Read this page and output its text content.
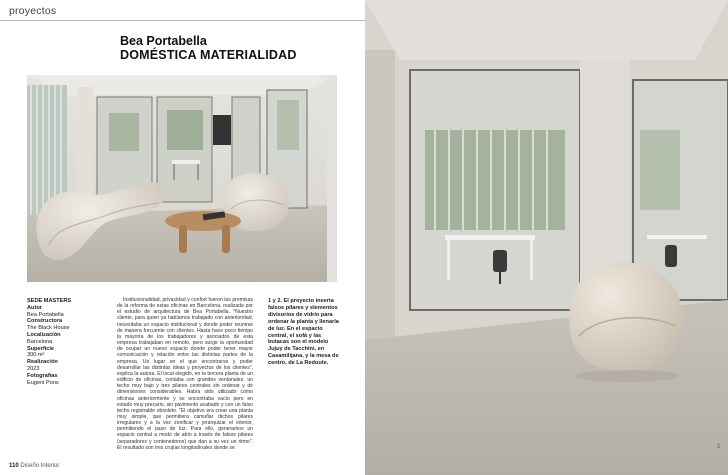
proyectos
Bea Portabella
DOMÉSTICA MATERIALIDAD
SEDE MASTERS
Autor
Bea Portabella
Constructora
The Black House
Localización
Barcelona
Superficie
300 m²
Realización
2023
Fotografías
Eugeni Pons

Institucionalidad, privacidad y confort fueron las premisas de la reforma de estas oficinas en Barcelona, realizada por el estudio de arquitectura de Bea Portabella. "Nuestro cliente, para quien ya habíamos trabajado con anterioridad, necesitaba un espacio institucional y donde poder reunirse de manera frecuente con clientes. Hasta hace poco tiempo la mayoría de los trabajadores y asociados de esta empresa trabajaban en remoto, pero surge la oportunidad de ocupar un nuevo espacio donde poder tener mayor comunicación y relación entre las distintas partes de la empresa. Un lugar en el que encontrarse y poder desarrollar las distintas ideas y proyectos de los clientes", explica la autora. El local elegido, en la tercera planta de un edificio de oficinas, contaba con grandes ventanales, un techo muy bajo y tres pilares centrales sin ordenar y de dimensiones considerables. Había sido utilizado como oficinas anteriormente y se encontraba vacío pero en estado muy precario, sin pavimento acabado y con un falso techo registrable obsoleto. "El objetivo era crear una planta muy simple, que permitiera camuflar dichos pilares irregulares y a la vez zonificar y jerarquizar el interior, permitiendo el paso de luz. Para ello, generamos un espacio central a modo de atrio a través de falsos pilares (separadores y contenedores) que dan a su vez un ritmo". El resultado son tres crujías longitudinales donde se

1 y 2. El proyecto inserta falsos pilares y elementos divisorios de vidrio para ordenar la planta y llenarla de luz. En el espacio central, el sofá y las butacas son el modelo Jujuy de Tacchini, en Casamilijana, y la mesa de centro, de La Redoute.
110 Diseño Interior
3
